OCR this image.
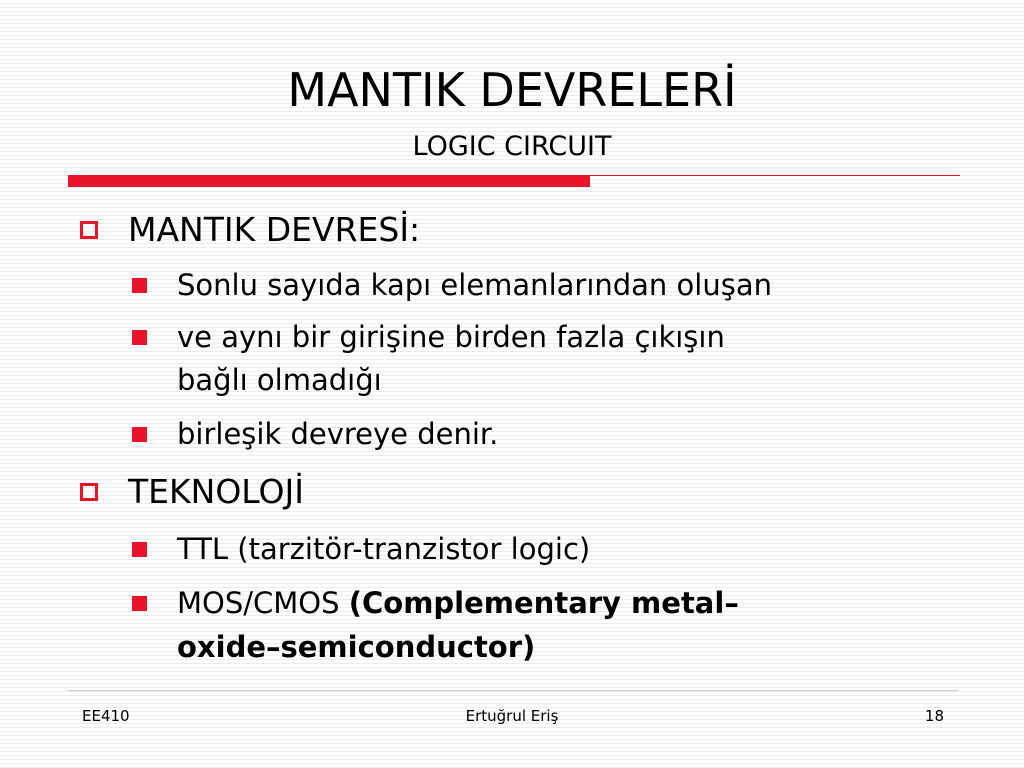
MANTIK DEVRELERİ
LOGIC CIRCUIT
MANTIK DEVRESİ:
Sonlu sayıda kapı elemanlarından oluşan
ve aynı bir girişine birden fazla çıkışın
bağlı olmadığı
birleşik devreye denir.
TEKNOLOJİ
TTL (tarzitör-tranzistor logic)
MOS/CMOS (Complementary metal–
oxide–semiconductor)
EE410	Ertuğrul Eriş	18
